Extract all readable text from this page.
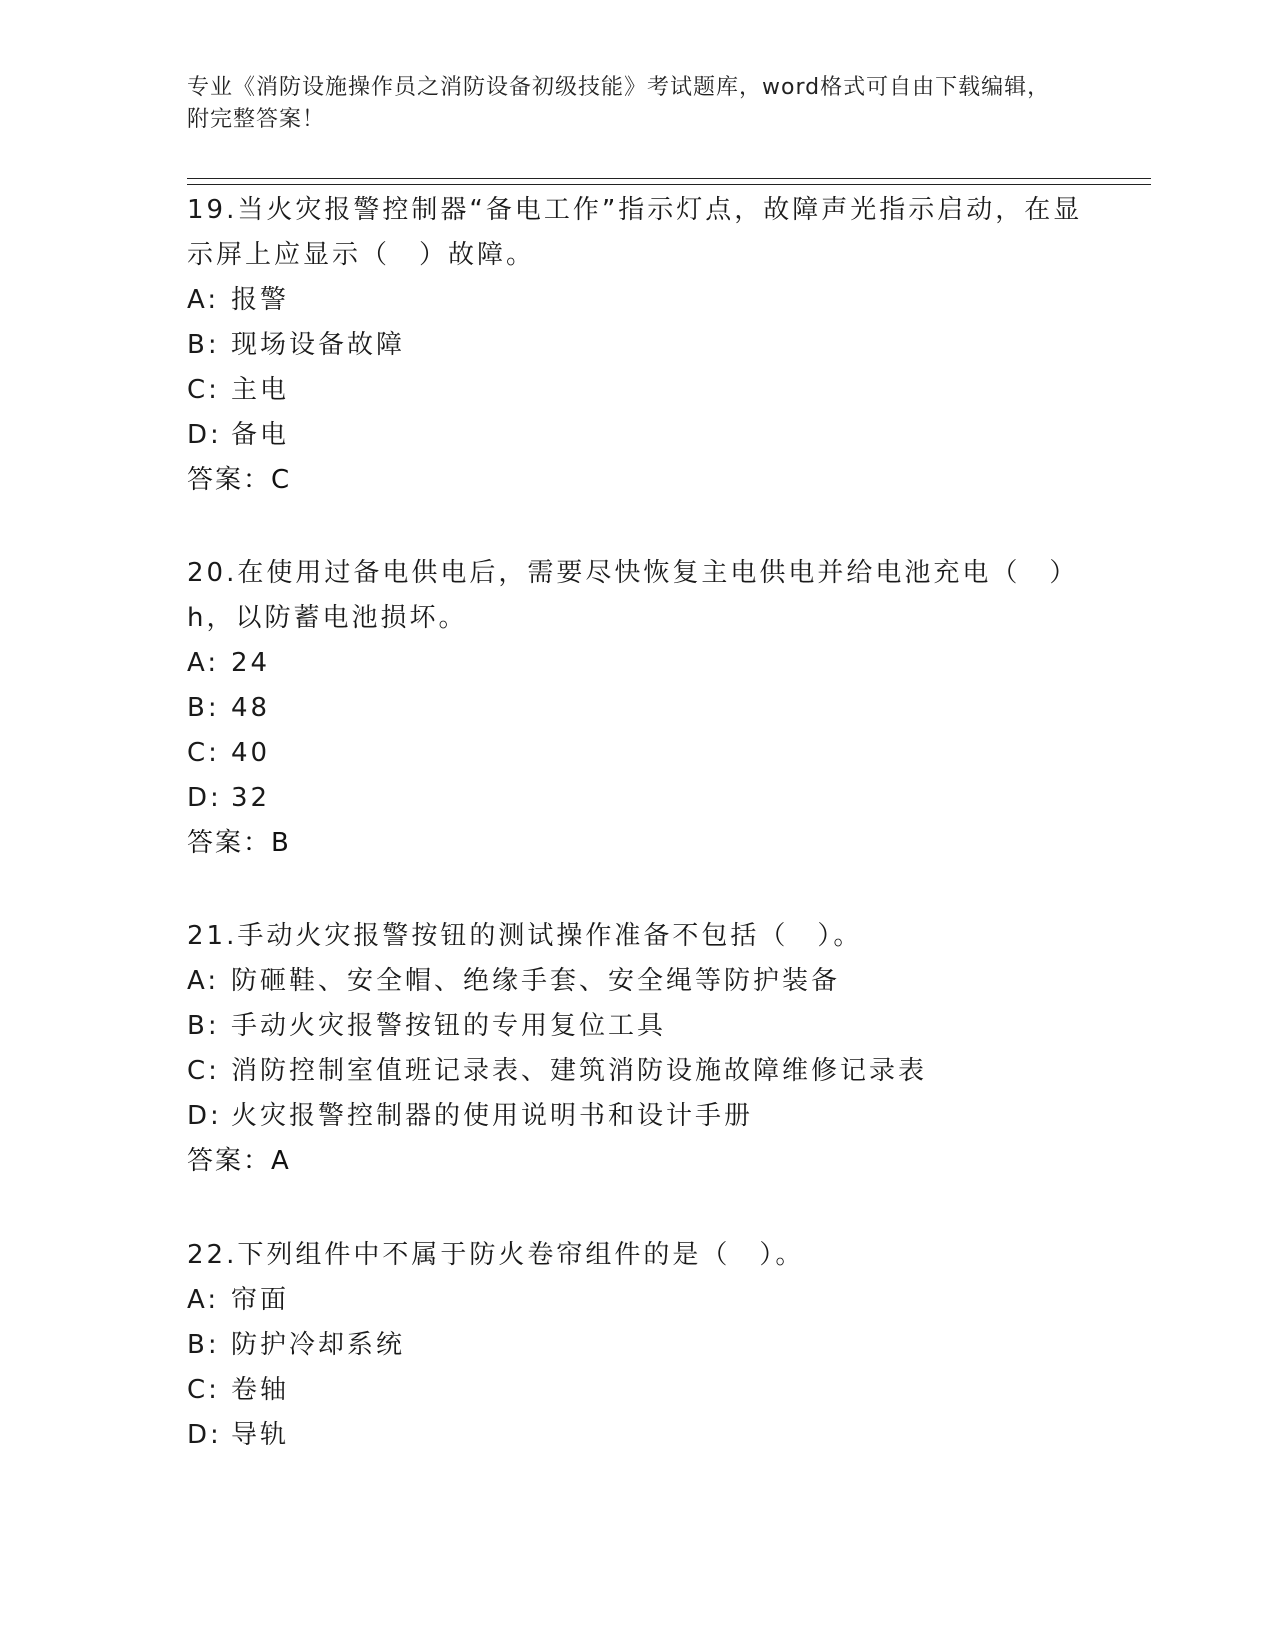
专业《消防设施操作员之消防设备初级技能》考试题库，word格式可自由下载编辑，附完整答案！

19.当火灾报警控制器“备电工作”指示灯点，故障声光指示启动，在显示屏上应显示（　）故障。

A: 报警

B: 现场设备故障

C: 主电

D: 备电

答案：C

20.在使用过备电供电后，需要尽快恢复主电供电并给电池充电（　）h，以防蓄电池损坏。

A: 24

B: 48

C: 40

D: 32

答案：B

21.手动火灾报警按钮的测试操作准备不包括（　）。

A: 防砸鞋、安全帽、绝缘手套、安全绳等防护装备

B: 手动火灾报警按钮的专用复位工具

C: 消防控制室值班记录表、建筑消防设施故障维修记录表

D: 火灾报警控制器的使用说明书和设计手册

答案：A

22.下列组件中不属于防火卷帘组件的是（　）。

A: 帘面

B: 防护冷却系统

C: 卷轴

D: 导轨
